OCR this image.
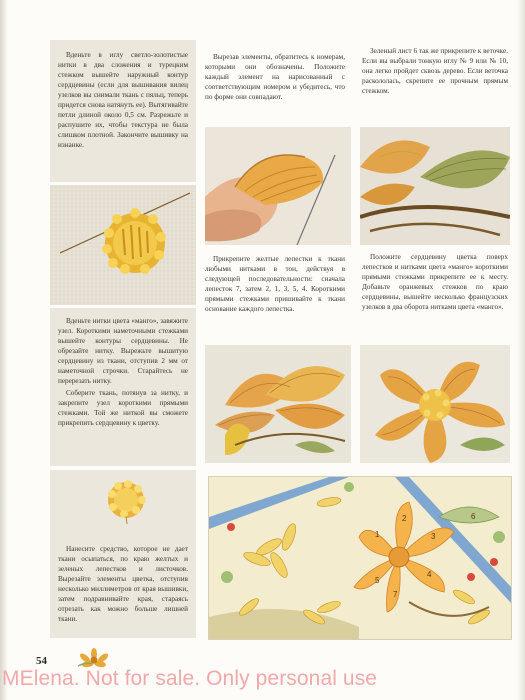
Вденьте в иглу светло-золотистые нитки в два сложения и турецким стежком вышейте наружный контур сердцевины (если для вышивания вилец узелков вы снимали ткань с пяльц, теперь придется снова натянуть ее). Вытягивайте петли длиной около 0,5 см. Разрежьте и распушите их, чтобы текстура не была слишком плотной. Закончите вышивку на изнанке.

Вденьте нитки цвета «манго», завяжите узел. Короткими наметочными стежками вышейте контуры сердцевины. Не обрезайте нитку. Вырежьте вышитую сердцевину из ткани, отступив 2 мм от наметочной строчки. Старайтесь не перерезать нитку.

Соберите ткань, потянув за нитку, и закрепите узел короткими прямыми стежками. Той же ниткой вы сможете прикрепить сердцевину к цветку.

Нанесите средство, которое не дает ткани осыпаться, по краю желтых и зеленых лепестков и листочков. Вырезайте элементы цветка, отступив несколько миллиметров от края вышивки, затем подравнивайте края, стараясь отрезать как можно больше лишней ткани.

54

Вырезав элементы, обратитесь к номерам, которыми они обозначены. Положите каждый элемент на нарисованный с соответствующим номером и убедитесь, что по форме они совпадают.

Прикрепите желтые лепестки к ткани любыми нитками в тон, действуя в следующей последовательности: сначала лепесток 7, затем 2, 1, 3, 5, 4. Короткими прямыми стежками пришивайте к ткани основание каждого лепестка.

Зеленый лист 6 так же прикрепите к веточке. Если вы выбрали тонкую иглу № 9 или № 10, она легко пройдет сквозь дерево. Если веточка раскололась, скрепите ее прочным прямым стежком.

Положите сердцевину цветка поверх лепестков и нитками цвета «манго» короткими прямыми стежками прикрепите ее к месту. Добавьте оранжевых стежков по краю сердцевины, вышейте несколько французских узелков в два оборота нитками цвета «манго».

1
2
3
4
5
6
7
MElena. Not for sale. Only personal use
